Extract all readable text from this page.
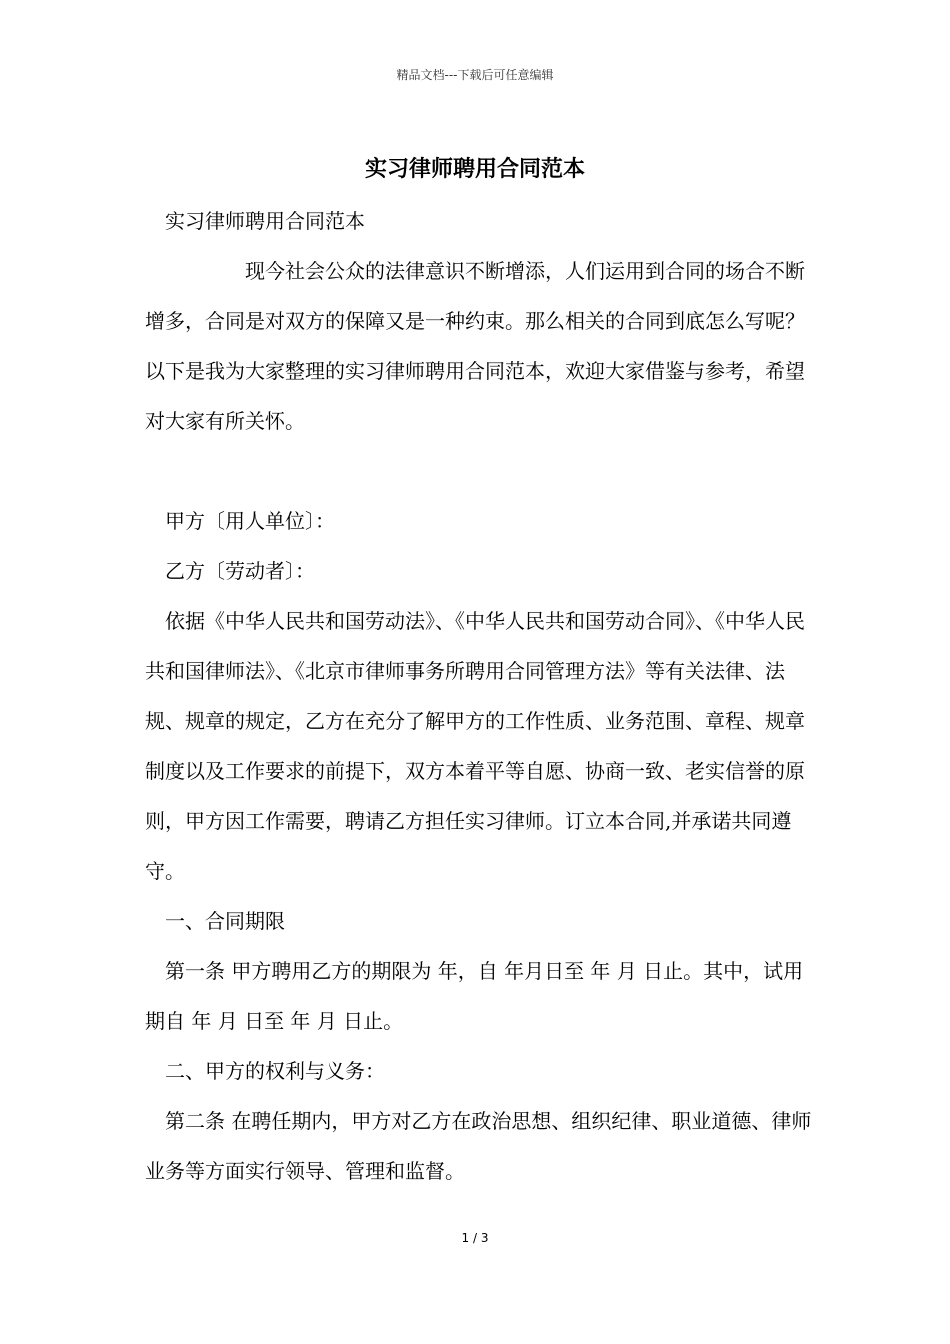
精品文档---下载后可任意编辑
实习律师聘用合同范本

实习律师聘用合同范本

现今社会公众的法律意识不断增添，人们运用到合同的场合不断增多，合同是对双方的保障又是一种约束。那么相关的合同到底怎么写呢？以下是我为大家整理的实习律师聘用合同范本，欢迎大家借鉴与参考，希望对大家有所关怀。

甲方〔用人单位〕：

乙方〔劳动者〕：

依据《中华人民共和国劳动法》、《中华人民共和国劳动合同》、《中华人民共和国律师法》、《北京市律师事务所聘用合同管理方法》等有关法律、法规、规章的规定，乙方在充分了解甲方的工作性质、业务范围、章程、规章制度以及工作要求的前提下，双方本着平等自愿、协商一致、老实信誉的原则，甲方因工作需要，聘请乙方担任实习律师。订立本合同,并承诺共同遵守。

一、合同期限

第一条 甲方聘用乙方的期限为 年，自 年月日至 年 月 日止。其中，试用期自 年 月 日至 年 月 日止。

二、甲方的权利与义务：

第二条 在聘任期内，甲方对乙方在政治思想、组织纪律、职业道德、律师业务等方面实行领导、管理和监督。

1 / 3
